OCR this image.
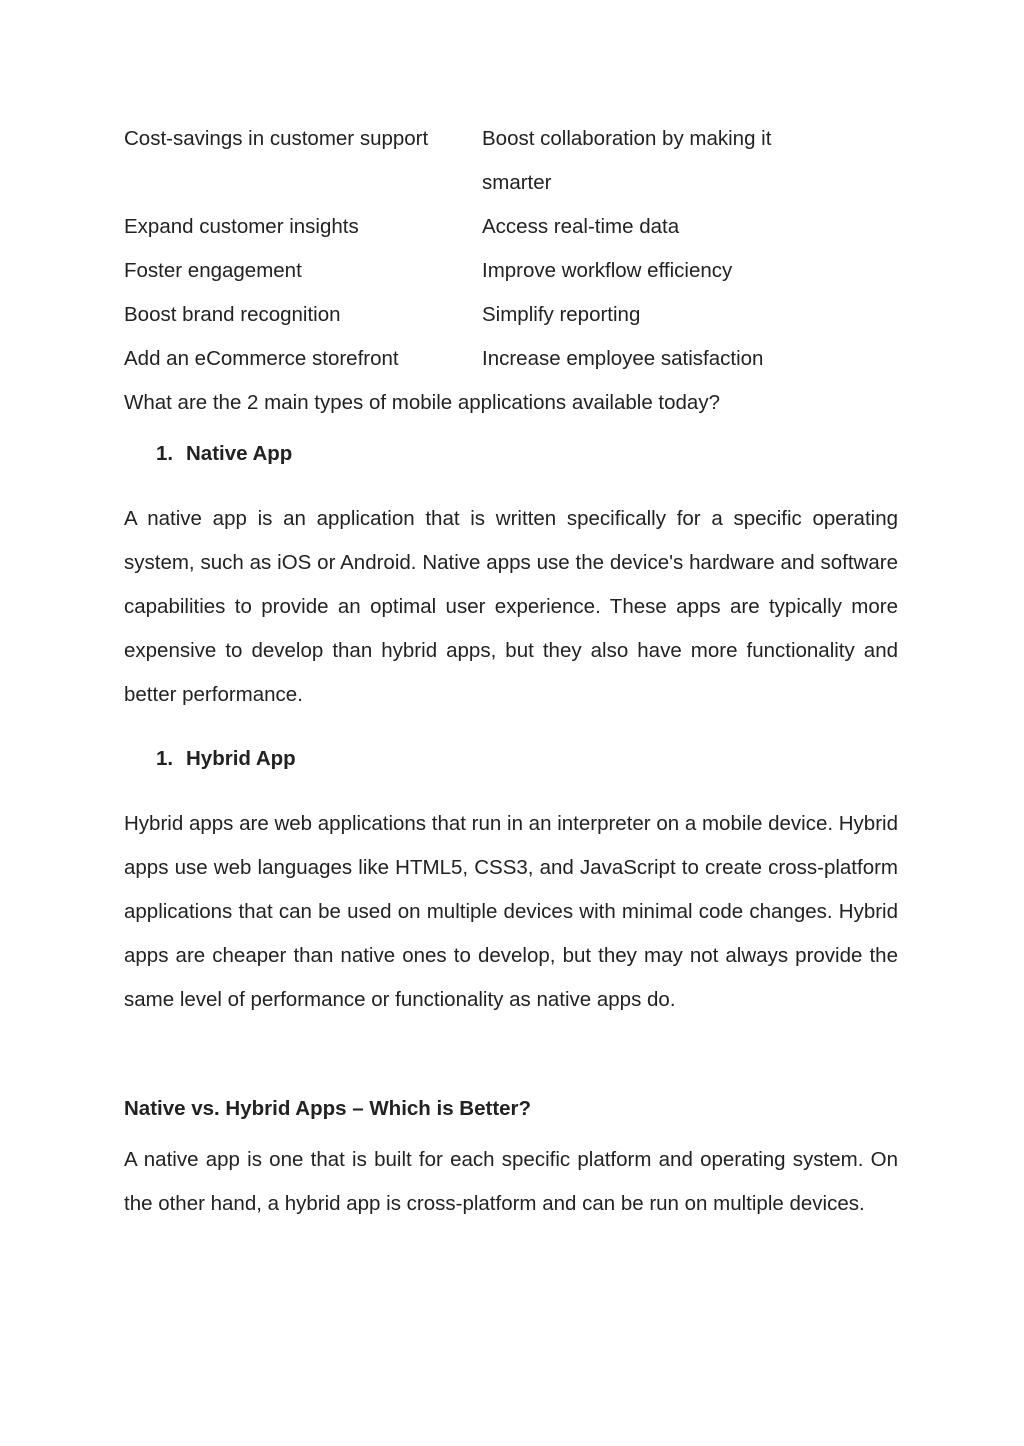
Cost-savings in customer support	Boost collaboration by making it smarter
Expand customer insights	Access real-time data
Foster engagement	Improve workflow efficiency
Boost brand recognition	Simplify reporting
Add an eCommerce storefront	Increase employee satisfaction
What are the 2 main types of mobile applications available today?
1. Native App
A native app is an application that is written specifically for a specific operating system, such as iOS or Android. Native apps use the device's hardware and software capabilities to provide an optimal user experience. These apps are typically more expensive to develop than hybrid apps, but they also have more functionality and better performance.
1. Hybrid App
Hybrid apps are web applications that run in an interpreter on a mobile device. Hybrid apps use web languages like HTML5, CSS3, and JavaScript to create cross-platform applications that can be used on multiple devices with minimal code changes. Hybrid apps are cheaper than native ones to develop, but they may not always provide the same level of performance or functionality as native apps do.
Native vs. Hybrid Apps – Which is Better?
A native app is one that is built for each specific platform and operating system. On the other hand, a hybrid app is cross-platform and can be run on multiple devices.
